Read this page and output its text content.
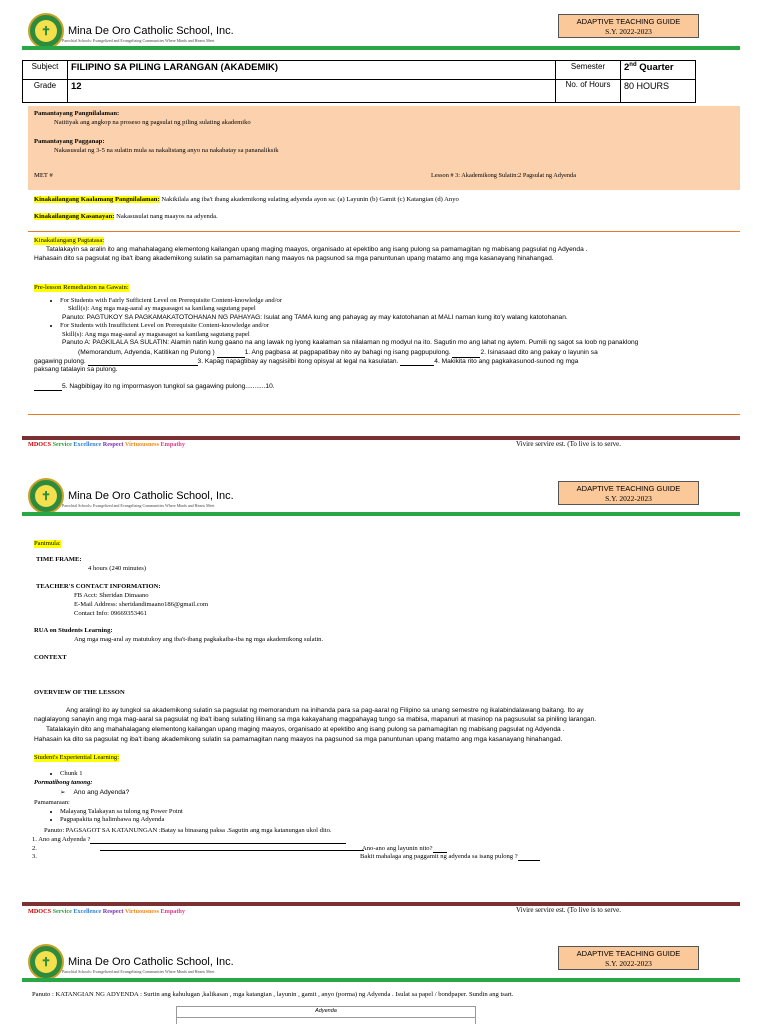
✝	Mina De Oro Catholic School, Inc.
Parochial Schools: Evangelized and Evangelizing Communities Where Minds and Hearts Meet
ADAPTIVE TEACHING GUIDE
S.Y. 2022-2023
Subject	FILIPINO SA PILING LARANGAN (AKADEMIK)	Semester	2nd Quarter
Grade	12	No. of Hours	80 HOURS
Pamantayang Pangnilalaman:
Natitiyak ang angkop na proseso ng pagsulat ng piling sulating akademiko
Pamantayang Pagganap:
Nakasusulat ng 3-5 na sulatin mula sa nakalistang anyo na nakabatay sa pananaliksik
MET #	Lesson # 3: Akademikong Sulatin:2 Pagsulat ng Adyenda
Kinakailangang Kaalamang Pangnilalaman: Nakikilala ang iba't ibang akademikong sulating adyenda ayon sa: (a) Layunin (b) Gamit (c) Katangian (d) Anyo
Kinakailangang Kasanayan: Nakasusulat nang maayos na adyenda.
Kinakailangang Pagtatasa:
Tatalakayin sa aralin ito ang mahahalagang elementong kailangan upang maging maayos, organisado at epektibo ang isang pulong sa pamamagitan ng mabisang pagsulat ng Adyenda .
Hahasain dito sa pagsulat ng iba't ibang akademikong sulatin sa pamamagitan nang maayos na pagsunod sa mga panuntunan upang matamo ang mga kasanayang hinahangad.
Pre-lesson Remediation na Gawain:
• For Students with Fairly Sufficient Level on Prerequisite Content-knowledge and/or
Skill(s): Ang mga mag-aaral ay magsasagot sa kanilang sagutang papel
Panuto: PAGTUKOY SA PAGKAMAKATOTOHANAN NG PAHAYAG: Isulat ang TAMA kung ang pahayag ay may katotohanan at MALI naman kung ito'y walang katotohanan.
• For Students with Insufficient Level on Prerequisite Content-knowledge and/or
Skill(s): Ang mga mag-aaral ay magsasagot sa kanilang sagutang papel
Panuto A: PAGKILALA SA SULATIN: Alamin natin kung gaano na ang lawak ng iyong kaalaman sa nilalaman ng modyul na ito. Sagutin mo ang lahat ng aytem. Pumili ng sagot sa loob ng panaklong
(Memorandum, Adyenda, Katitikan ng Pulong )	1. Ang pagbasa at pagpapatibay nito ay bahagi ng isang pagpupulong.	2. Isinasaad dito ang pakay o layunin sa
gagawing pulong.	3. Kapag napagtibay ay nagsisilbi itong opisyal at legal na kasulatan.	4. Makikita rito ang pagkakasunod-sunod ng mga
paksang tatalayin sa pulong.
5. Nagbibigay ito ng impormasyon tungkol sa gagawing pulong...........10.
MDOCS Service Excellence Respect Virtuousness Empathy	Vivire servire est. (To live is to serve.
✝	Mina De Oro Catholic School, Inc.
Parochial Schools: Evangelized and Evangelizing Communities Where Minds and Hearts Meet
ADAPTIVE TEACHING GUIDE
S.Y. 2022-2023
Panimula:
TIME FRAME:
4 hours (240 minutes)
TEACHER'S CONTACT INFORMATION:
FB Acct: Sheridan Dimaano
E-Mail Address: sheridandimaano186@gmail.com
Contact Info: 09669353461
RUA on Students Learning:
Ang mga mag-aral ay matutukoy ang iba't-ibang pagkakaiba-iba ng mga akademikong sulatin.
CONTEXT
OVERVIEW OF THE LESSON
Ang aralingl ito ay tungkol sa akademikong sulatin sa pagsulat ng memorandum na inihanda para sa pag-aaral ng Filipino sa unang semestre ng ikalabindalawang baitang. Ito ay
naglalayong sanayin ang mga mag-aaral sa pagsulat ng iba't ibang sulating lilinang sa mga kakayahang magpahayag tungo sa mabisa, mapanuri at masinop na pagsusulat sa piniling larangan.
Tatalakayin dito ang mahahalagang elementong kailangan upang maging maayos, organisado at epektibo ang isang pulong sa pamamagitan ng mabisang pagsulat ng Adyenda .
Hahasain ka dito sa pagsulat ng iba't ibang akademikong sulatin sa pamamagitan nang maayos na pagsunod sa mga panuntunan upang matamo ang mga kasanayang hinahangad.
Student's Experiential Learning:
• Chunk 1
Pormatibong tanong:
➢ Ano ang Adyenda?
Pamamaraan:
• Malayang Talakayan sa tulong ng Power Point
• Pagpapakita ng halimbawa ng Adyenda
Panuto: PAGSAGOT SA KATANUNGAN :Batay sa binasang paksa .Sagutin ang mga katanungan ukol dito.
1. Ano ang Adyenda ?
2.
3.
Ano-ano ang layunin nito?
Bakit mahalaga ang paggamit ng adyenda sa isang pulong ?
MDOCS Service Excellence Respect Virtuousness Empathy	Vivire servire est. (To live is to serve.
✝	Mina De Oro Catholic School, Inc.
Parochial Schools: Evangelized and Evangelizing Communities Where Minds and Hearts Meet
ADAPTIVE TEACHING GUIDE
S.Y. 2022-2023
Panuto : KATANGIAN NG ADYENDA : Suriin ang kahulugan ,kalikasan , mga katangian , layunin , gamit , anyo (porma) ng Adyenda . Isulat sa papel / bondpaper. Sundin ang tsart.
Adyenda
